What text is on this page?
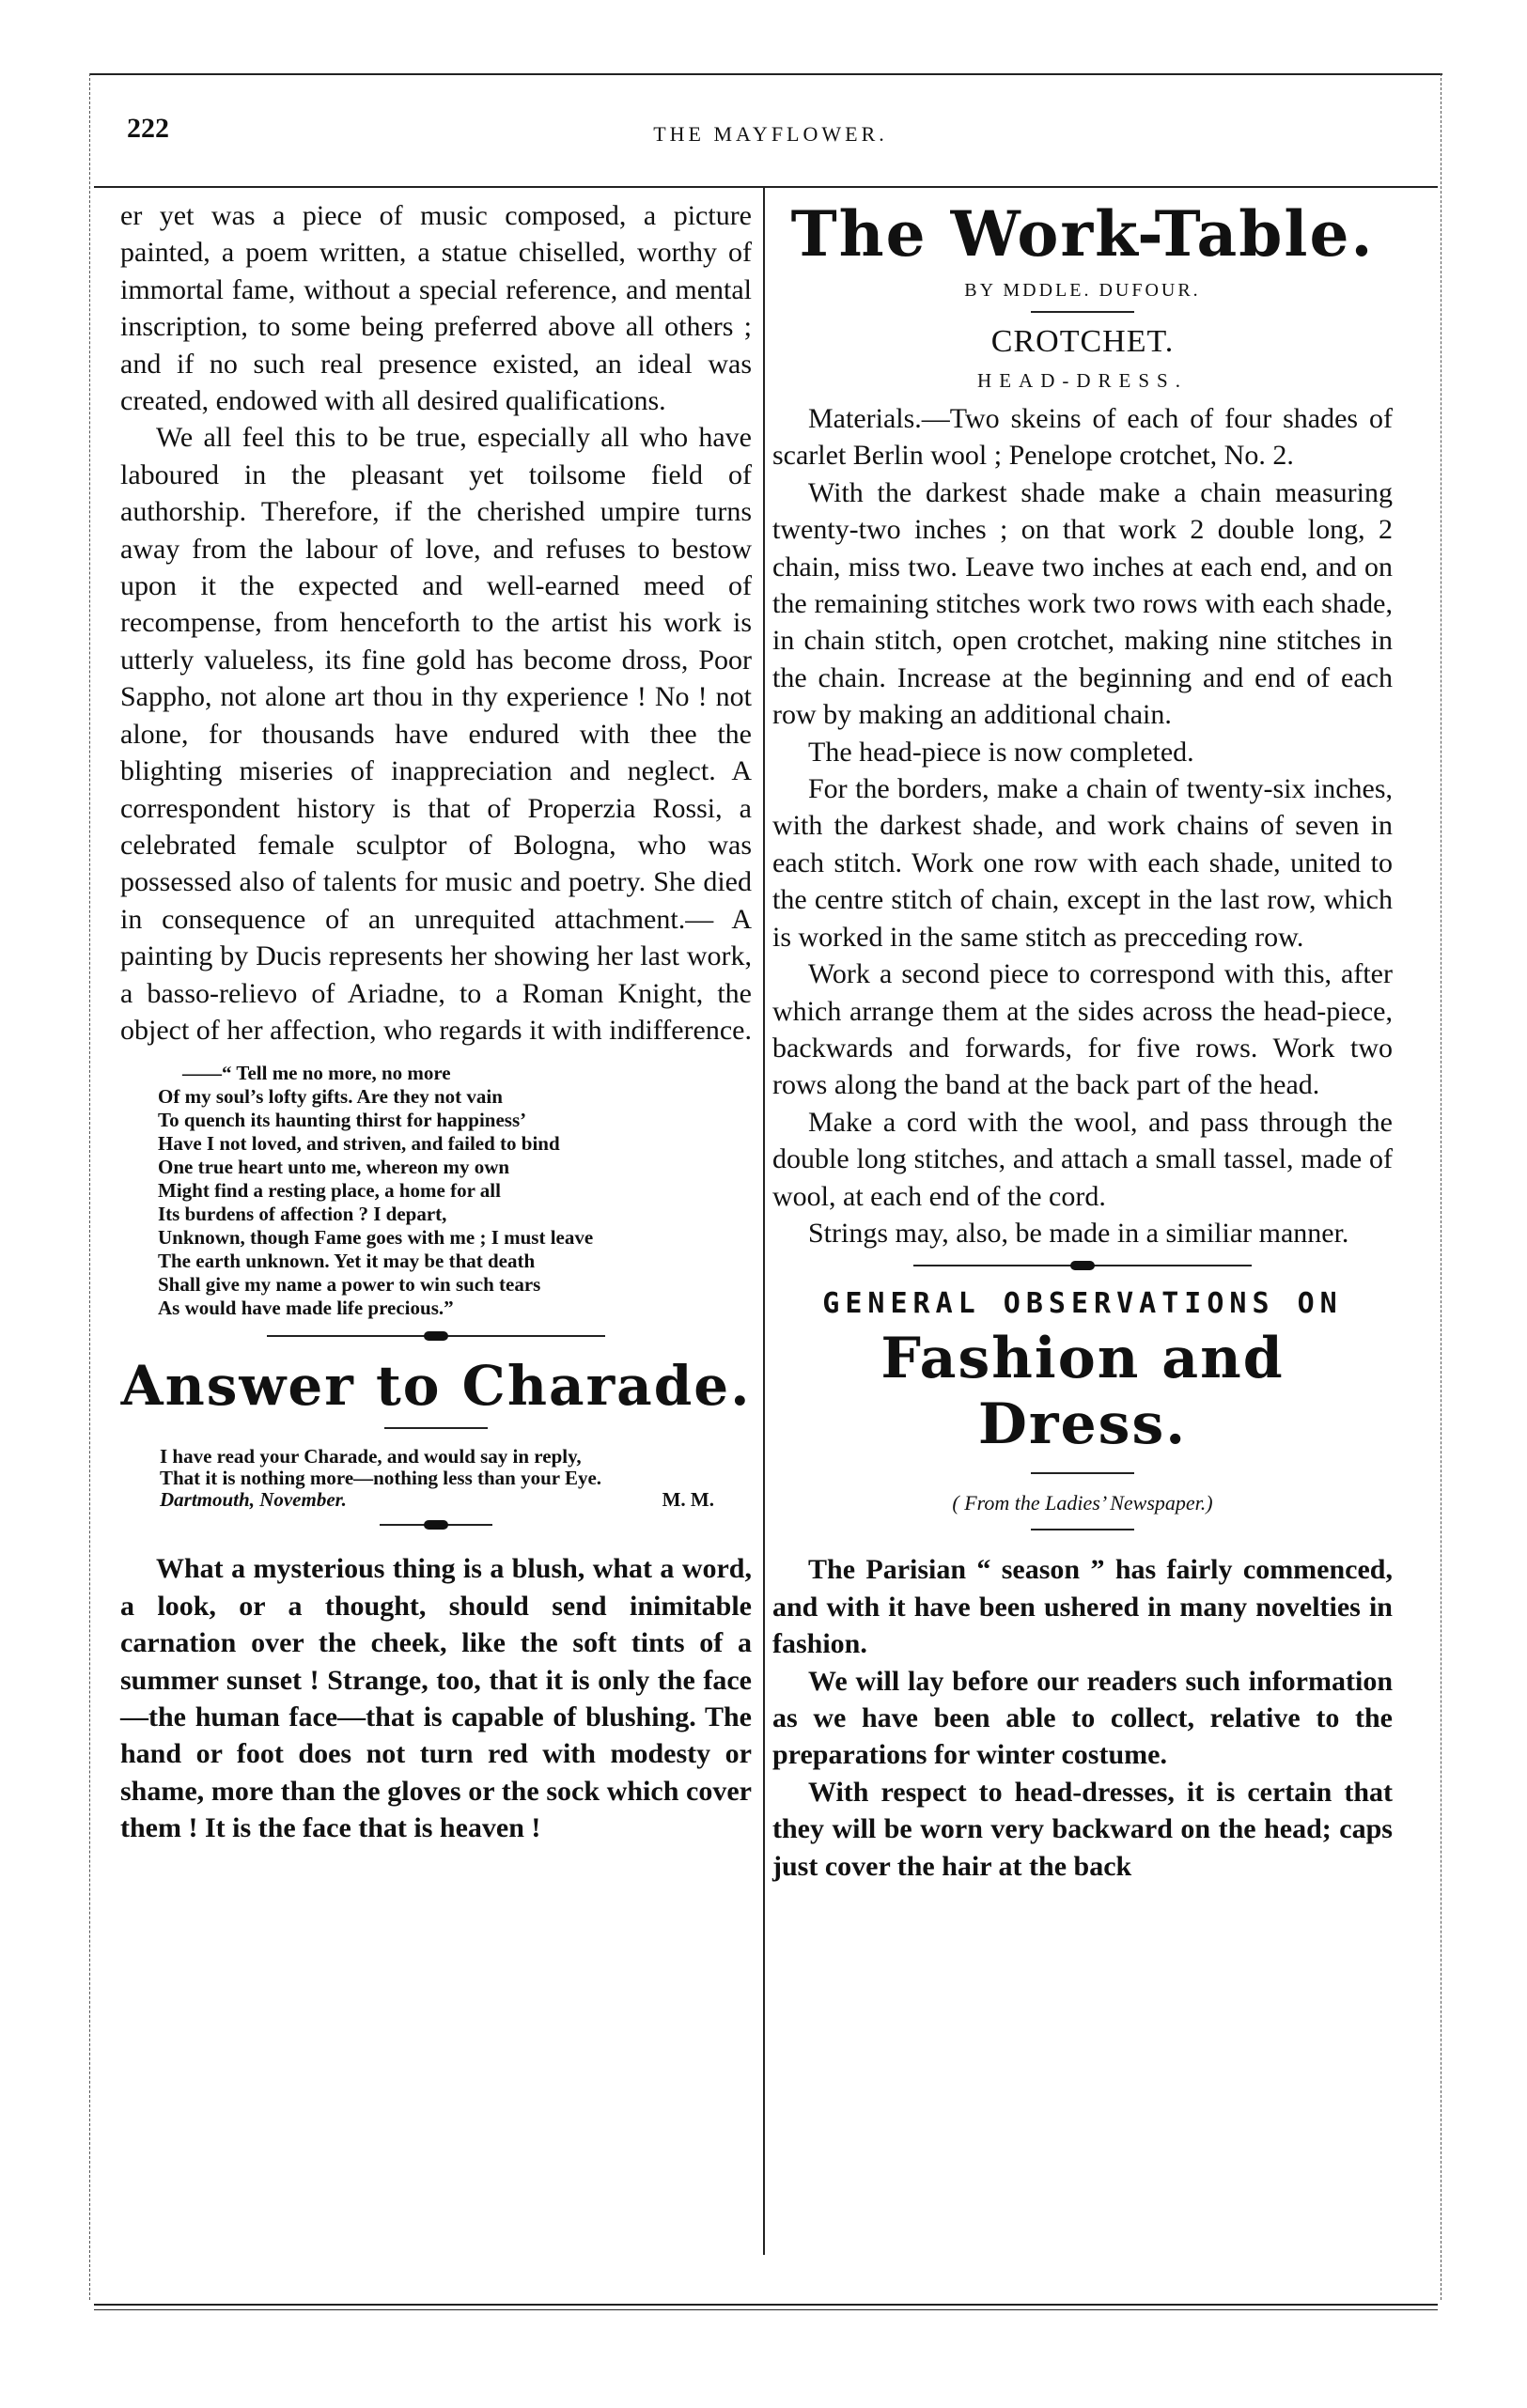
222	THE MAYFLOWER.

er yet was a piece of music composed, a picture painted, a poem written, a statue chiselled, worthy of immortal fame, without a special reference, and mental inscription, to some being preferred above all others ; and if no such real presence existed, an ideal was created, endowed with all desired qualifications.

We all feel this to be true, especially all who have laboured in the pleasant yet toilsome field of authorship. Therefore, if the cherished umpire turns away from the labour of love, and refuses to bestow upon it the expected and well-earned meed of recompense, from henceforth to the artist his work is utterly valueless, its fine gold has become dross, Poor Sappho, not alone art thou in thy experience ! No ! not alone, for thousands have endured with thee the blighting miseries of inappreciation and neglect. A correspondent history is that of Properzia Rossi, a celebrated female sculptor of Bologna, who was possessed also of talents for music and poetry. She died in consequence of an unrequited attachment.— A painting by Ducis represents her showing her last work, a basso-relievo of Ariadne, to a Roman Knight, the object of her affection, who regards it with indifference.

——“ Tell me no more, no more
Of my soul’s lofty gifts. Are they not vain
To quench its haunting thirst for happiness’
Have I not loved, and striven, and failed to bind
One true heart unto me, whereon my own
Might find a resting place, a home for all
Its burdens of affection ? I depart,
Unknown, though Fame goes with me ; I must leave
The earth unknown. Yet it may be that death
Shall give my name a power to win such tears
As would have made life precious.”
Answer to Charade.
I have read your Charade, and would say in reply,
That it is nothing more—nothing less than your Eye.
Dartmouth, November.	M. M.

What a mysterious thing is a blush, what a word, a look, or a thought, should send inimitable carnation over the cheek, like the soft tints of a summer sunset ! Strange, too, that it is only the face—the human face—that is capable of blushing. The hand or foot does not turn red with modesty or shame, more than the gloves or the sock which cover them ! It is the face that is heaven !

The Work-Table.
BY MDDLE. DUFOUR.
CROTCHET.
HEAD-DRESS.

Materials.—Two skeins of each of four shades of scarlet Berlin wool ; Penelope crotchet, No. 2.

With the darkest shade make a chain measuring twenty-two inches ; on that work 2 double long, 2 chain, miss two. Leave two inches at each end, and on the remaining stitches work two rows with each shade, in chain stitch, open crotchet, making nine stitches in the chain. Increase at the beginning and end of each row by making an additional chain.

The head-piece is now completed.

For the borders, make a chain of twenty-six inches, with the darkest shade, and work chains of seven in each stitch. Work one row with each shade, united to the centre stitch of chain, except in the last row, which is worked in the same stitch as precceding row.

Work a second piece to correspond with this, after which arrange them at the sides across the head-piece, backwards and forwards, for five rows. Work two rows along the band at the back part of the head.

Make a cord with the wool, and pass through the double long stitches, and attach a small tassel, made of wool, at each end of the cord.

Strings may, also, be made in a similiar manner.

GENERAL OBSERVATIONS ON
Fashion and Dress.
( From the Ladies’ Newspaper.)

The Parisian “ season ” has fairly commenced, and with it have been ushered in many novelties in fashion.

We will lay before our readers such information as we have been able to collect, relative to the preparations for winter costume.

With respect to head-dresses, it is certain that they will be worn very backward on the head; caps just cover the hair at the back
